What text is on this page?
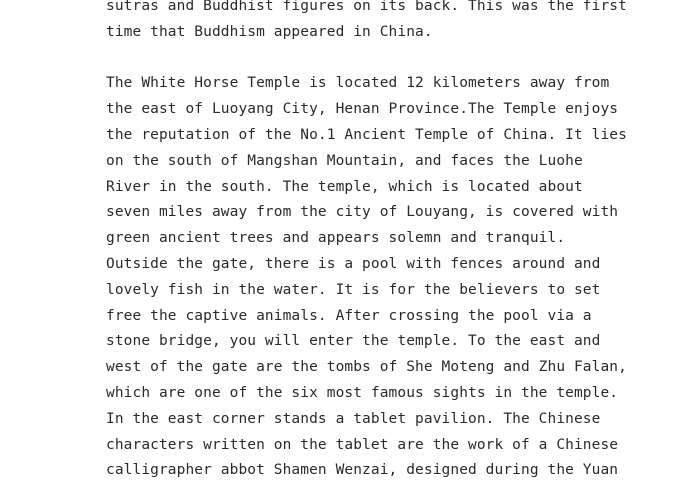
sutras and Buddhist figures on its back. This was the first
time that Buddhism appeared in China.
The White Horse Temple is located 12 kilometers away from
the east of Luoyang City, Henan Province.The Temple enjoys
the reputation of the No.1 Ancient Temple of China. It lies
on the south of Mangshan Mountain, and faces the Luohe
River in the south. The temple, which is located about
seven miles away from the city of Louyang, is covered with
green ancient trees and appears solemn and tranquil.
Outside the gate, there is a pool with fences around and
lovely fish in the water. It is for the believers to set
free the captive animals. After crossing the pool via a
stone bridge, you will enter the temple. To the east and
west of the gate are the tombs of She Moteng and Zhu Falan,
which are one of the six most famous sights in the temple.
In the east corner stands a tablet pavilion. The Chinese
characters written on the tablet are the work of a Chinese
calligrapher abbot Shamen Wenzai, designed during the Yuan
